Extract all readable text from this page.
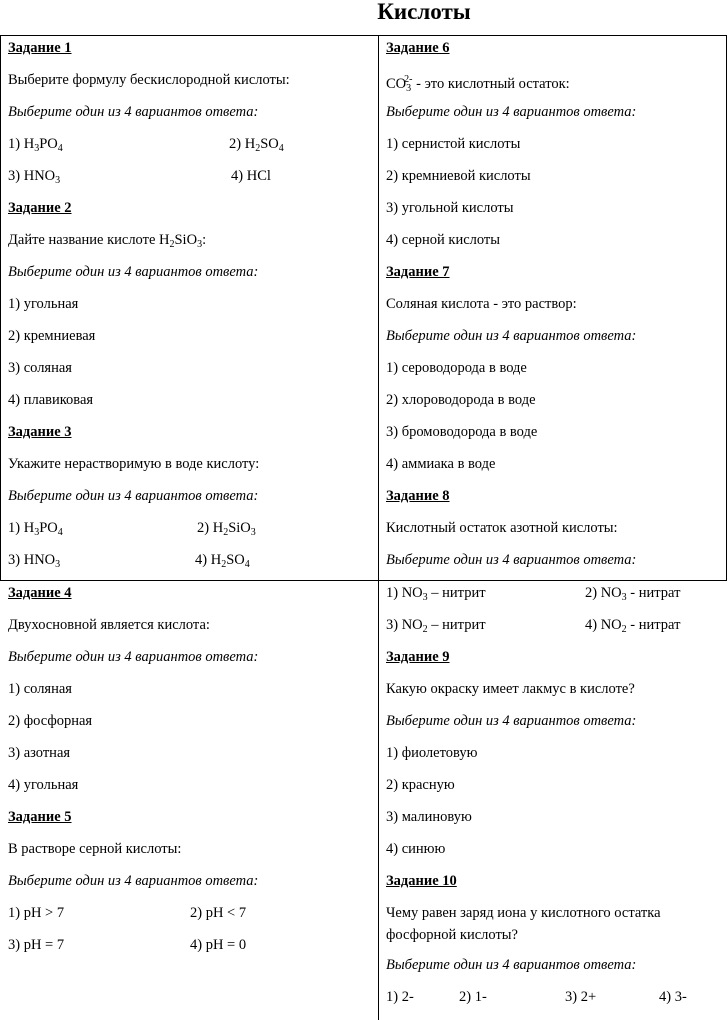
Кислоты
Задание 1
Выберите формулу бескислородной кислоты:
Выберите один из 4 вариантов ответа:
1) $H_3PO_4$	2) $H_2SO_4$
3) $HNO_3$	4) HCl
Задание 2
Дайте название кислоте $H_2SiO_3$:
Выберите один из 4 вариантов ответа:
1) угольная
2) кремниевая
3) соляная
4) плавиковая
Задание 3
Укажите нерастворимую в воде кислоту:
Выберите один из 4 вариантов ответа:
1) $H_3PO_4$	2) $H_2SiO_3$
3) $HNO_3$	4) $H_2SO_4$
Задание 6
$CO_3^{2-}$ - это кислотный остаток:
Выберите один из 4 вариантов ответа:
1) сернистой кислоты
2) кремниевой кислоты
3) угольной кислоты
4) серной кислоты
Задание 7
Соляная кислота - это раствор:
Выберите один из 4 вариантов ответа:
1) сероводорода в воде
2) хлороводорода в воде
3) бромоводорода в воде
4) аммиака в воде
Задание 8
Кислотный остаток азотной кислоты:
Выберите один из 4 вариантов ответа:
Задание 4
Двухосновной является кислота:
Выберите один из 4 вариантов ответа:
1) соляная
2) фосфорная
3) азотная
4) угольная
Задание 5
В растворе серной кислоты:
Выберите один из 4 вариантов ответа:
1) pH > 7	2) pH < 7
3) pH = 7	4) pH = 0
1) $NO_3$ – нитрит	2) $NO_3$ - нитрат
3) $NO_2$ – нитрит	4) $NO_2$ - нитрат
Задание 9
Какую окраску имеет лакмус в кислоте?
Выберите один из 4 вариантов ответа:
1) фиолетовую
2) красную
3) малиновую
4) синюю
Задание 10
Чему равен заряд иона у кислотного остатка фосфорной кислоты?
Выберите один из 4 вариантов ответа:
1) 2-	2) 1-	3) 2+	4) 3-
